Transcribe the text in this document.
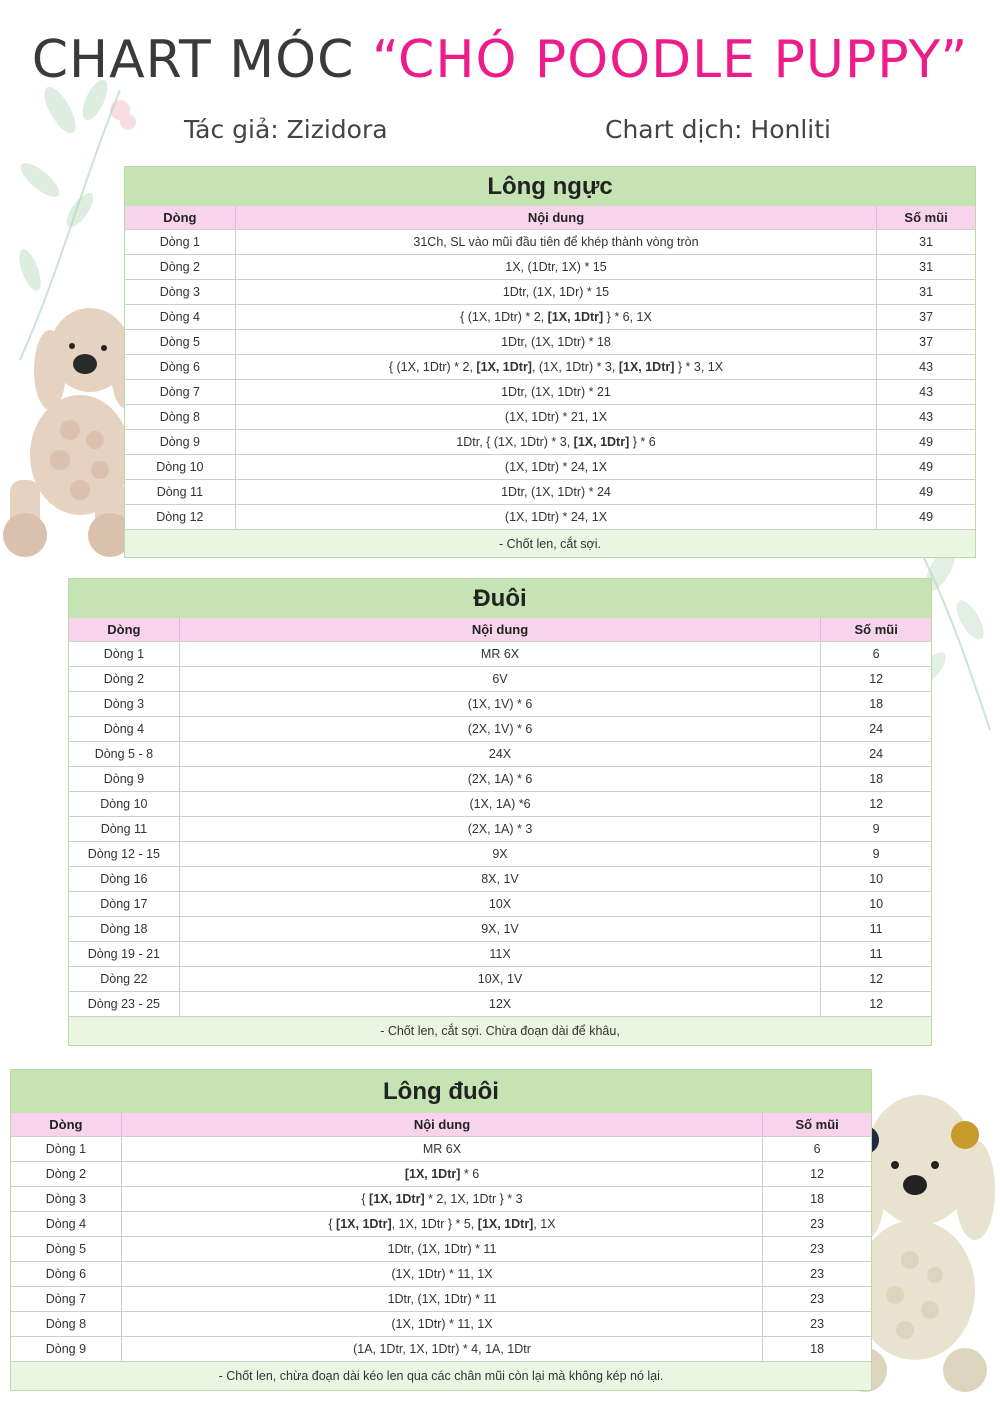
CHART MÓC “CHÓ POODLE PUPPY”
Tác giả: Zizidora	Chart dịch: Honliti
Lông ngực
Dòng	Nội dung	Số mũi
Dòng 1	31Ch, SL vào mũi đầu tiên để khép thành vòng tròn	31
Dòng 2	1X, (1Dtr, 1X) * 15	31
Dòng 3	1Dtr, (1X, 1Dr) * 15	31
Dòng 4	{ (1X, 1Dtr) * 2, [1X, 1Dtr] } * 6, 1X	37
Dòng 5	1Dtr, (1X, 1Dtr) * 18	37
Dòng 6	{ (1X, 1Dtr) * 2, [1X, 1Dtr], (1X, 1Dtr) * 3, [1X, 1Dtr] } * 3, 1X	43
Dòng 7	1Dtr, (1X, 1Dtr) * 21	43
Dòng 8	(1X, 1Dtr) * 21, 1X	43
Dòng 9	1Dtr, { (1X, 1Dtr) * 3, [1X, 1Dtr] } * 6	49
Dòng 10	(1X, 1Dtr) * 24, 1X	49
Dòng 11	1Dtr, (1X, 1Dtr) * 24	49
Dòng 12	(1X, 1Dtr) * 24, 1X	49
- Chốt len, cắt sợi.
Đuôi
Dòng	Nội dung	Số mũi
Dòng 1	MR 6X	6
Dòng 2	6V	12
Dòng 3	(1X, 1V) * 6	18
Dòng 4	(2X, 1V) * 6	24
Dòng 5 - 8	24X	24
Dòng 9	(2X, 1A) * 6	18
Dòng 10	(1X, 1A) *6	12
Dòng 11	(2X, 1A) * 3	9
Dòng 12 - 15	9X	9
Dòng 16	8X, 1V	10
Dòng 17	10X	10
Dòng 18	9X, 1V	11
Dòng 19 - 21	11X	11
Dòng 22	10X, 1V	12
Dòng 23 - 25	12X	12
- Chốt len, cắt sợi. Chừa đoạn dài để khâu,
Lông đuôi
Dòng	Nội dung	Số mũi
Dòng 1	MR 6X	6
Dòng 2	[1X, 1Dtr] * 6	12
Dòng 3	{ [1X, 1Dtr] * 2, 1X, 1Dtr } * 3	18
Dòng 4	{ [1X, 1Dtr], 1X, 1Dtr } * 5, [1X, 1Dtr], 1X	23
Dòng 5	1Dtr, (1X, 1Dtr) * 11	23
Dòng 6	(1X, 1Dtr) * 11, 1X	23
Dòng 7	1Dtr, (1X, 1Dtr) * 11	23
Dòng 8	(1X, 1Dtr) * 11, 1X	23
Dòng 9	(1A, 1Dtr, 1X, 1Dtr) * 4, 1A, 1Dtr	18
- Chốt len, chừa đoạn dài kéo len qua các chân mũi còn lại mà không kép nó lại.
